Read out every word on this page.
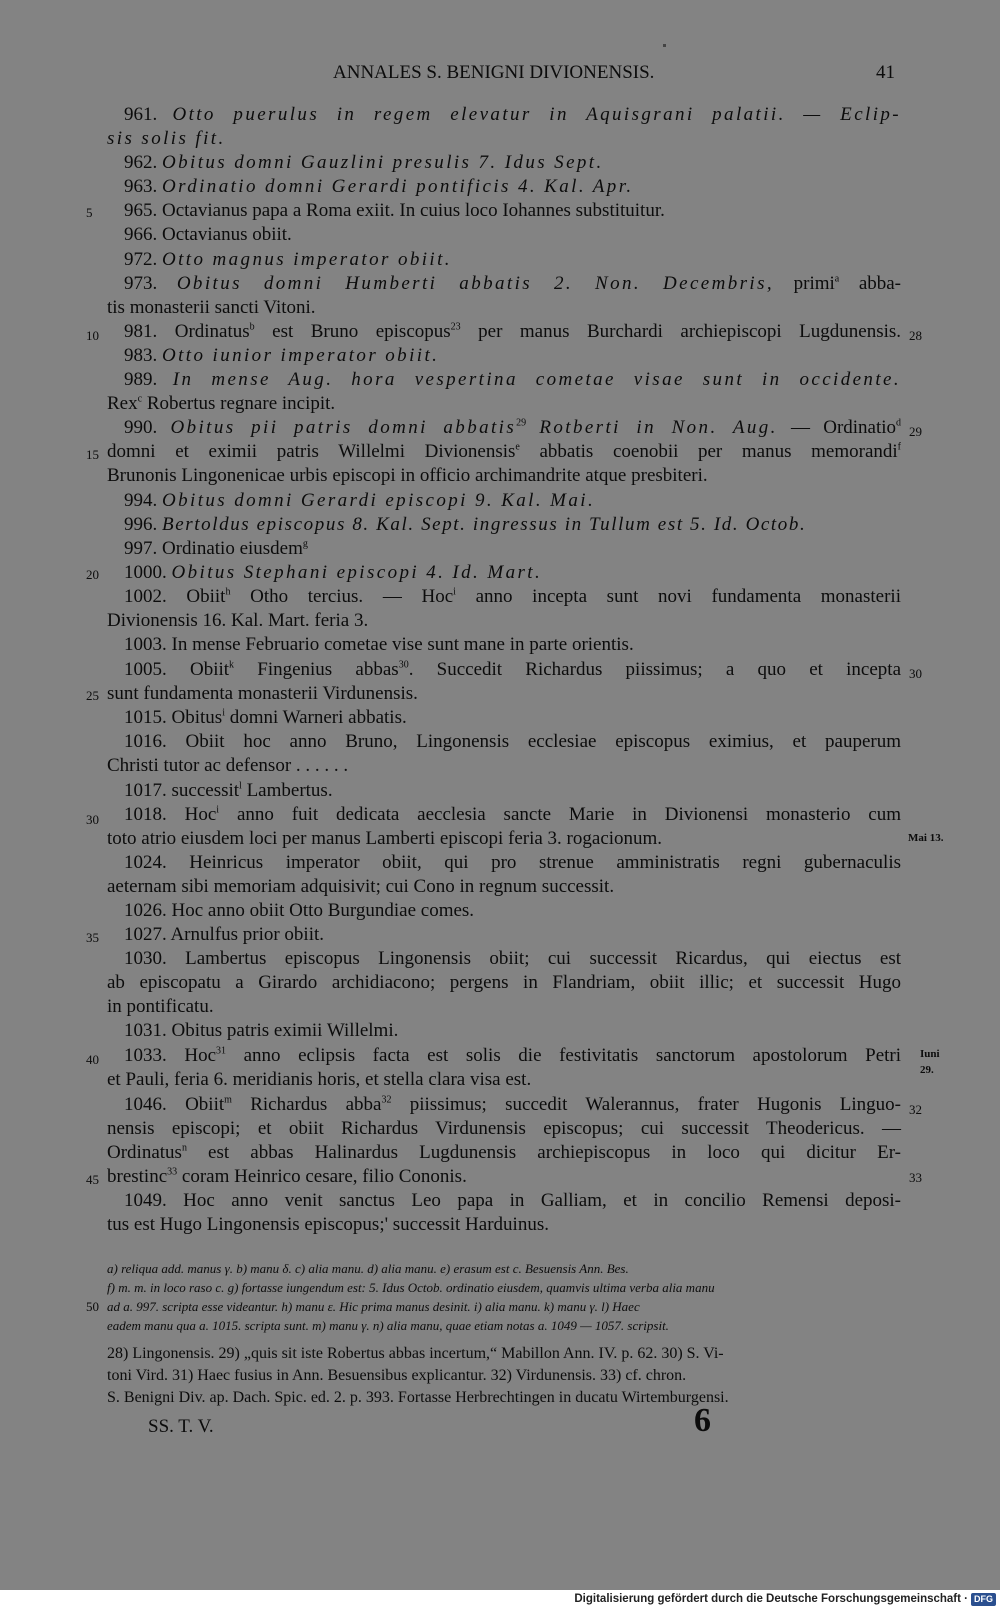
ANNALES S. BENIGNI DIVIONENSIS.	41
5
10
15
20
25
30
35
40
45
50
28
29
30
32
33
Mai 13.
Iuni
29.
961. Otto puerulus in regem elevatur in Aquisgrani palatii. — Eclip-
sis solis fit.
962. Obitus domni Gauzlini presulis 7. Idus Sept.
963. Ordinatio domni Gerardi pontificis 4. Kal. Apr.
965. Octavianus papa a Roma exiit. In cuius loco Iohannes substituitur.
966. Octavianus obiit.
972. Otto magnus imperator obiit.
973. Obitus domni Humberti abbatis 2. Non. Decembris, primi$^a$ abba-
tis monasterii sancti Vitoni.
981. Ordinatus$^b$ est Bruno episcopus$^{23}$ per manus Burchardi archiepiscopi Lugdunensis.
983. Otto iunior imperator obiit.
989. In mense Aug. hora vespertina cometae visae sunt in occidente.
Rex$^c$ Robertus regnare incipit.
990. Obitus pii patris domni abbatis$^{29}$ Rotberti in Non. Aug. — Ordinatio$^d$
domni et eximii patris Willelmi Divionensis$^e$ abbatis coenobii per manus memorandi$^f$
Brunonis Lingonenicae urbis episcopi in officio archimandrite atque presbiteri.
994. Obitus domni Gerardi episcopi 9. Kal. Mai.
996. Bertoldus episcopus 8. Kal. Sept. ingressus in Tullum est 5. Id. Octob.
997. Ordinatio eiusdem$^g$
1000. Obitus Stephani episcopi 4. Id. Mart.
1002. Obiit$^h$ Otho tercius. — Hoc$^i$ anno incepta sunt novi fundamenta monasterii
Divionensis 16. Kal. Mart. feria 3.
1003. In mense Februario cometae vise sunt mane in parte orientis.
1005. Obiit$^k$ Fingenius abbas$^{30}$. Succedit Richardus piissimus; a quo et incepta
sunt fundamenta monasterii Virdunensis.
1015. Obitus$^i$ domni Warneri abbatis.
1016. Obiit hoc anno Bruno, Lingonensis ecclesiae episcopus eximius, et pauperum
Christi tutor ac defensor . . . . . .
1017. successit$^l$ Lambertus.
1018. Hoc$^i$ anno fuit dedicata aecclesia sancte Marie in Divionensi monasterio cum
toto atrio eiusdem loci per manus Lamberti episcopi feria 3. rogacionum.
1024. Heinricus imperator obiit, qui pro strenue amministratis regni gubernaculis
aeternam sibi memoriam adquisivit; cui Cono in regnum successit.
1026. Hoc anno obiit Otto Burgundiae comes.
1027. Arnulfus prior obiit.
1030. Lambertus episcopus Lingonensis obiit; cui successit Ricardus, qui eiectus est
ab episcopatu a Girardo archidiacono; pergens in Flandriam, obiit illic; et successit Hugo
in pontificatu.
1031. Obitus patris eximii Willelmi.
1033. Hoc$^{31}$ anno eclipsis facta est solis die festivitatis sanctorum apostolorum Petri
et Pauli, feria 6. meridianis horis, et stella clara visa est.
1046. Obiit$^m$ Richardus abba$^{32}$ piissimus; succedit Walerannus, frater Hugonis Linguo-
nensis episcopi; et obiit Richardus Virdunensis episcopus; cui successit Theodericus. —
Ordinatus$^n$ est abbas Halinardus Lugdunensis archiepiscopus in loco qui dicitur Er-
brestinc$^{33}$ coram Heinrico cesare, filio Cononis.
1049. Hoc anno venit sanctus Leo papa in Galliam, et in concilio Remensi deposi-
tus est Hugo Lingonensis episcopus;' successit Harduinus.
a) reliqua add. manus γ. b) manu δ. c) alia manu. d) alia manu. e) erasum est c. Besuensis Ann. Bes.
f) m. m. in loco raso c. g) fortasse iungendum est: 5. Idus Octob. ordinatio eiusdem, quamvis ultima verba alia manu
ad a. 997. scripta esse videantur. h) manu ε. Hic prima manus desinit. i) alia manu. k) manu γ. l) Haec
eadem manu qua a. 1015. scripta sunt. m) manu γ. n) alia manu, quae etiam notas a. 1049 — 1057. scripsit.
28) Lingonensis. 29) „quis sit iste Robertus abbas incertum,“ Mabillon Ann. IV. p. 62. 30) S. Vi-
toni Vird. 31) Haec fusius in Ann. Besuensibus explicantur. 32) Virdunensis. 33) cf. chron.
S. Benigni Div. ap. Dach. Spic. ed. 2. p. 393. Fortasse Herbrechtingen in ducatu Wirtemburgensi.
SS. T. V.	6
Digitalisierung gefördert durch die Deutsche Forschungsgemeinschaft · DFG
